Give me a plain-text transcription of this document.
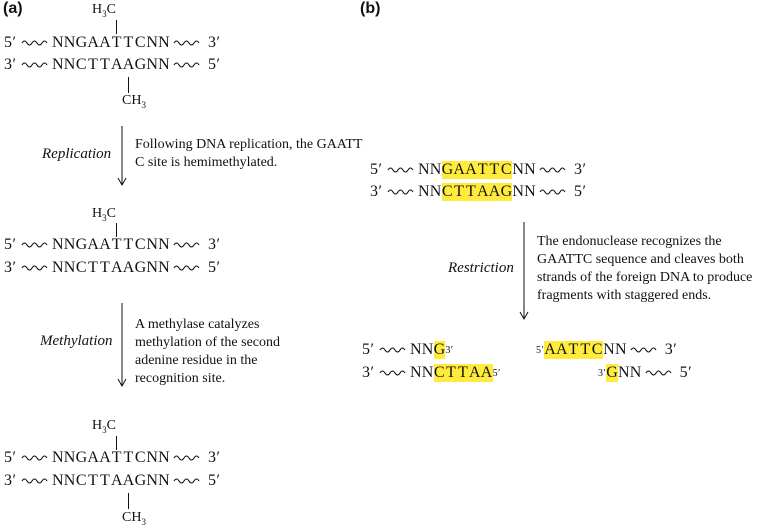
(a)	(b)
$H_3C$
5′ N N G A A T T C N N 3′
3′ N N C T T A A G N N 5′
$CH_3$
Replication
Following DNA replication, the GAATT C site is hemimethylated.
$H_3C$
5′ N N G A A T T C N N 3′
3′ N N C T T A A G N N 5′
Methylation
A methylase catalyzes methylation of the second adenine residue in the recognition site.
$H_3C$
5′ N N G A A T T C N N 3′
3′ N N C T T A A G N N 5′
$CH_3$
5′ N N G A A T T C N N 3′
3′ N N C T T A A G N N 5′
Restriction
The endonuclease recognizes the GAATTC sequence and cleaves both strands of the foreign DNA to produce fragments with staggered ends.
5′ N N G 3′
3′ N N C T T A A 5′
5′ A A T T C N N 3′
3′ G N N 5′
